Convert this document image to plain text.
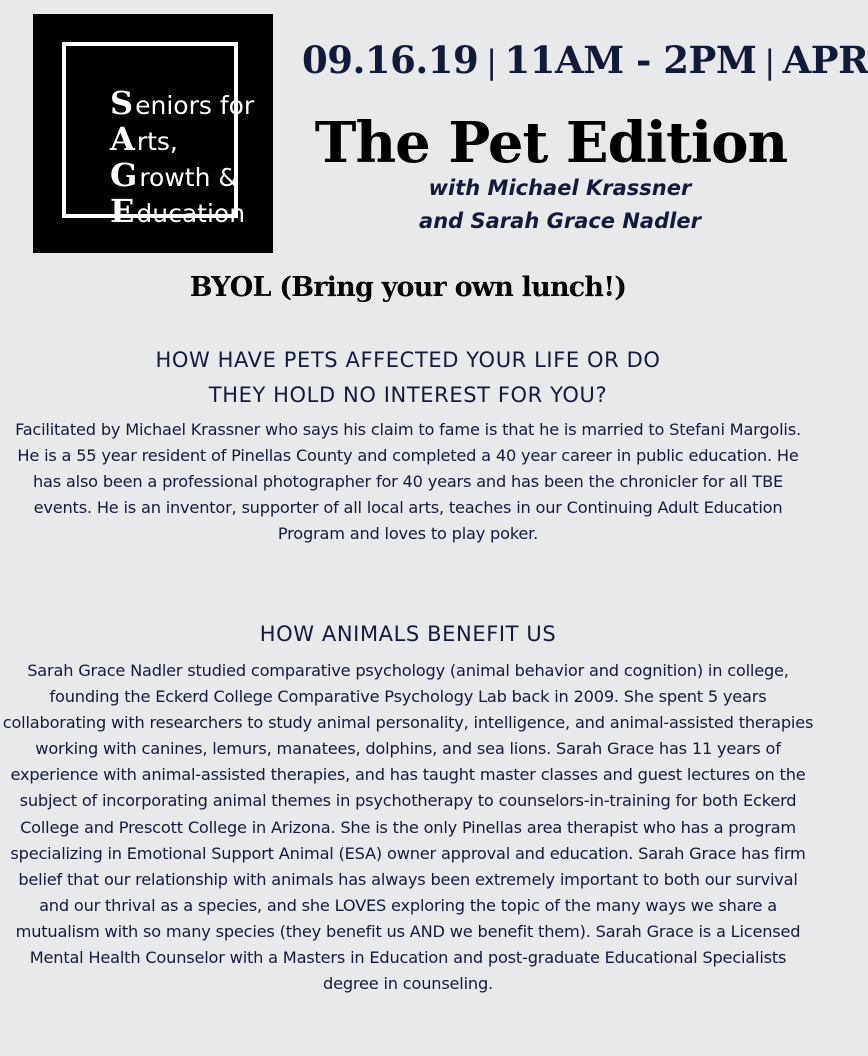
Seniors for
Arts,
Growth &
Education
09.16.19 | 11AM - 2PM | APR
The Pet Edition
with Michael Krassner
and Sarah Grace Nadler
BYOL (Bring your own lunch!)
HOW HAVE PETS AFFECTED YOUR LIFE OR DO
THEY HOLD NO INTEREST FOR YOU?
Facilitated by Michael Krassner who says his claim to fame is that he is married to Stefani Margolis. He is a 55 year resident of Pinellas County and completed a 40 year career in public education. He has also been a professional photographer for 40 years and has been the chronicler for all TBE events. He is an inventor, supporter of all local arts, teaches in our Continuing Adult Education Program and loves to play poker.
HOW ANIMALS BENEFIT US
Sarah Grace Nadler studied comparative psychology (animal behavior and cognition) in college, founding the Eckerd College Comparative Psychology Lab back in 2009. She spent 5 years collaborating with researchers to study animal personality, intelligence, and animal-assisted therapies working with canines, lemurs, manatees, dolphins, and sea lions. Sarah Grace has 11 years of experience with animal-assisted therapies, and has taught master classes and guest lectures on the subject of incorporating animal themes in psychotherapy to counselors-in-training for both Eckerd College and Prescott College in Arizona. She is the only Pinellas area therapist who has a program specializing in Emotional Support Animal (ESA) owner approval and education. Sarah Grace has firm belief that our relationship with animals has always been extremely important to both our survival and our thrival as a species, and she LOVES exploring the topic of the many ways we share a mutualism with so many species (they benefit us AND we benefit them). Sarah Grace is a Licensed Mental Health Counselor with a Masters in Education and post-graduate Educational Specialists degree in counseling.
